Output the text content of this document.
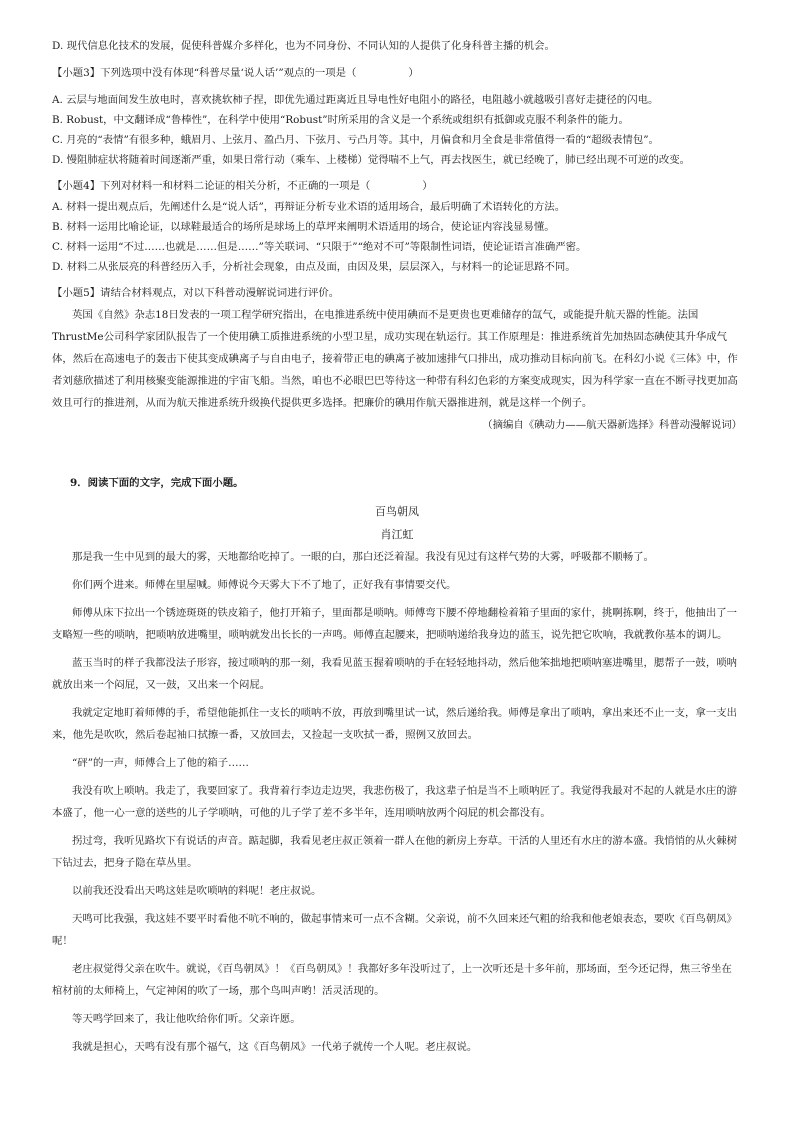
D. 现代信息化技术的发展，促使科普媒介多样化，也为不同身份、不同认知的人提供了化身科普主播的机会。

【小题3】下列选项中没有体现“科普尽量‘说人话’”观点的一项是（　　　　　）

A. 云层与地面间发生放电时，喜欢挑软柿子捏，即优先通过距离近且导电性好电阻小的路径，电阻越小就越吸引喜好走捷径的闪电。

B. Robust，中文翻译成“鲁棒性”，在科学中使用“Robust”时所采用的含义是一个系统或组织有抵御或克服不利条件的能力。

C. 月亮的“表情”有很多种，蛾眉月、上弦月、盈凸月、下弦月、亏凸月等。其中，月偏食和月全食是非常值得一看的“超级表情包”。

D. 慢阻肺症状将随着时间逐渐严重，如果日常行动（乘车、上楼梯）觉得喘不上气，再去找医生，就已经晚了，肺已经出现不可逆的改变。

【小题4】下列对材料一和材料二论证的相关分析，不正确的一项是（　　　　　）

A. 材料一提出观点后，先阐述什么是“说人话”，再辩证分析专业术语的适用场合，最后明确了术语转化的方法。

B. 材料一运用比喻论证，以球鞋最适合的场所是球场上的草坪来阐明术语适用的场合，使论证内容浅显易懂。

C. 材料一运用“不过……也就是……但是……”等关联词、“只限于”“绝对不可”等限制性词语，使论证语言准确严密。

D. 材料二从张辰亮的科普经历入手，分析社会现象，由点及面，由因及果，层层深入，与材料一的论证思路不同。

【小题5】请结合材料观点，对以下科普动漫解说词进行评价。

英国《自然》杂志18日发表的一项工程学研究指出，在电推进系统中使用碘而不是更贵也更难储存的氙气，或能提升航天器的性能。法国ThrustMe公司科学家团队报告了一个使用碘工质推进系统的小型卫星，成功实现在轨运行。其工作原理是：推进系统首先加热固态碘使其升华成气体，然后在高速电子的轰击下使其变成碘离子与自由电子，接着带正电的碘离子被加速排气口排出，成功推动目标向前飞。在科幻小说《三体》中，作者刘慈欣描述了利用核聚变能源推进的宇宙飞船。当然，咱也不必眼巴巴等待这一种带有科幻色彩的方案变成现实，因为科学家一直在不断寻找更加高效且可行的推进剂，从而为航天推进系统升级换代提供更多选择。把廉价的碘用作航天器推进剂，就是这样一个例子。

（摘编自《碘动力——航天器新选择》科普动漫解说词）

9．阅读下面的文字，完成下面小题。

百鸟朝凤

肖江虹

那是我一生中见到的最大的雾，天地都给吃掉了。一眼的白，那白还泛着湿。我没有见过有这样气势的大雾，呼吸都不顺畅了。

你们两个进来。师傅在里屋喊。师傅说今天雾大下不了地了，正好我有事情要交代。

师傅从床下拉出一个锈迹斑斑的铁皮箱子，他打开箱子，里面都是唢呐。师傅弯下腰不停地翻检着箱子里面的家什，挑啊拣啊，终于，他抽出了一支略短一些的唢呐，把唢呐放进嘴里，唢呐就发出长长的一声鸣。师傅直起腰来，把唢呐递给我身边的蓝玉，说先把它吹响，我就教你基本的调儿。

蓝玉当时的样子我都没法子形容，接过唢呐的那一刻，我看见蓝玉握着唢呐的手在轻轻地抖动，然后他笨拙地把唢呐塞进嘴里，腮帮子一鼓，唢呐就放出来一个闷屁，又一鼓，又出来一个闷屁。

我就定定地盯着师傅的手，希望他能抓住一支长的唢呐不放，再放到嘴里试一试，然后递给我。师傅是拿出了唢呐，拿出来还不止一支，拿一支出来，他先是吹吹，然后卷起袖口拭擦一番，又放回去，又捡起一支吹拭一番，照例又放回去。

“砰”的一声，师傅合上了他的箱子……

我没有吹上唢呐。我走了，我要回家了。我背着行李边走边哭，我悲伤极了，我这辈子怕是当不上唢呐匠了。我觉得我最对不起的人就是水庄的游本盛了，他一心一意的送些的儿子学唢呐，可他的儿子学了差不多半年，连用唢呐放两个闷屁的机会都没有。

拐过弯，我听见路坎下有说话的声音。踮起脚，我看见老庄叔正领着一群人在他的新房上夯草。干活的人里还有水庄的游本盛。我悄悄的从火棘树下钻过去，把身子隐在草丛里。

以前我还没看出天鸣这娃是吹唢呐的料呢！老庄叔说。

天鸣可比我强，我这娃不要平时看他不吭不响的，做起事情来可一点不含糊。父亲说，前不久回来还气粗的给我和他老娘表态，要吹《百鸟朝凤》呢！

老庄叔觉得父亲在吹牛。就说，《百鸟朝凤》！《百鸟朝凤》！我都好多年没听过了，上一次听还是十多年前，那场面，至今还记得，焦三爷坐在棺材前的太师椅上，气定神闲的吹了一场，那个鸟叫声哟！活灵活现的。

等天鸣学回来了，我让他吹给你们听。父亲许愿。

我就是担心，天鸣有没有那个福气，这《百鸟朝凤》一代弟子就传一个人呢。老庄叔说。
